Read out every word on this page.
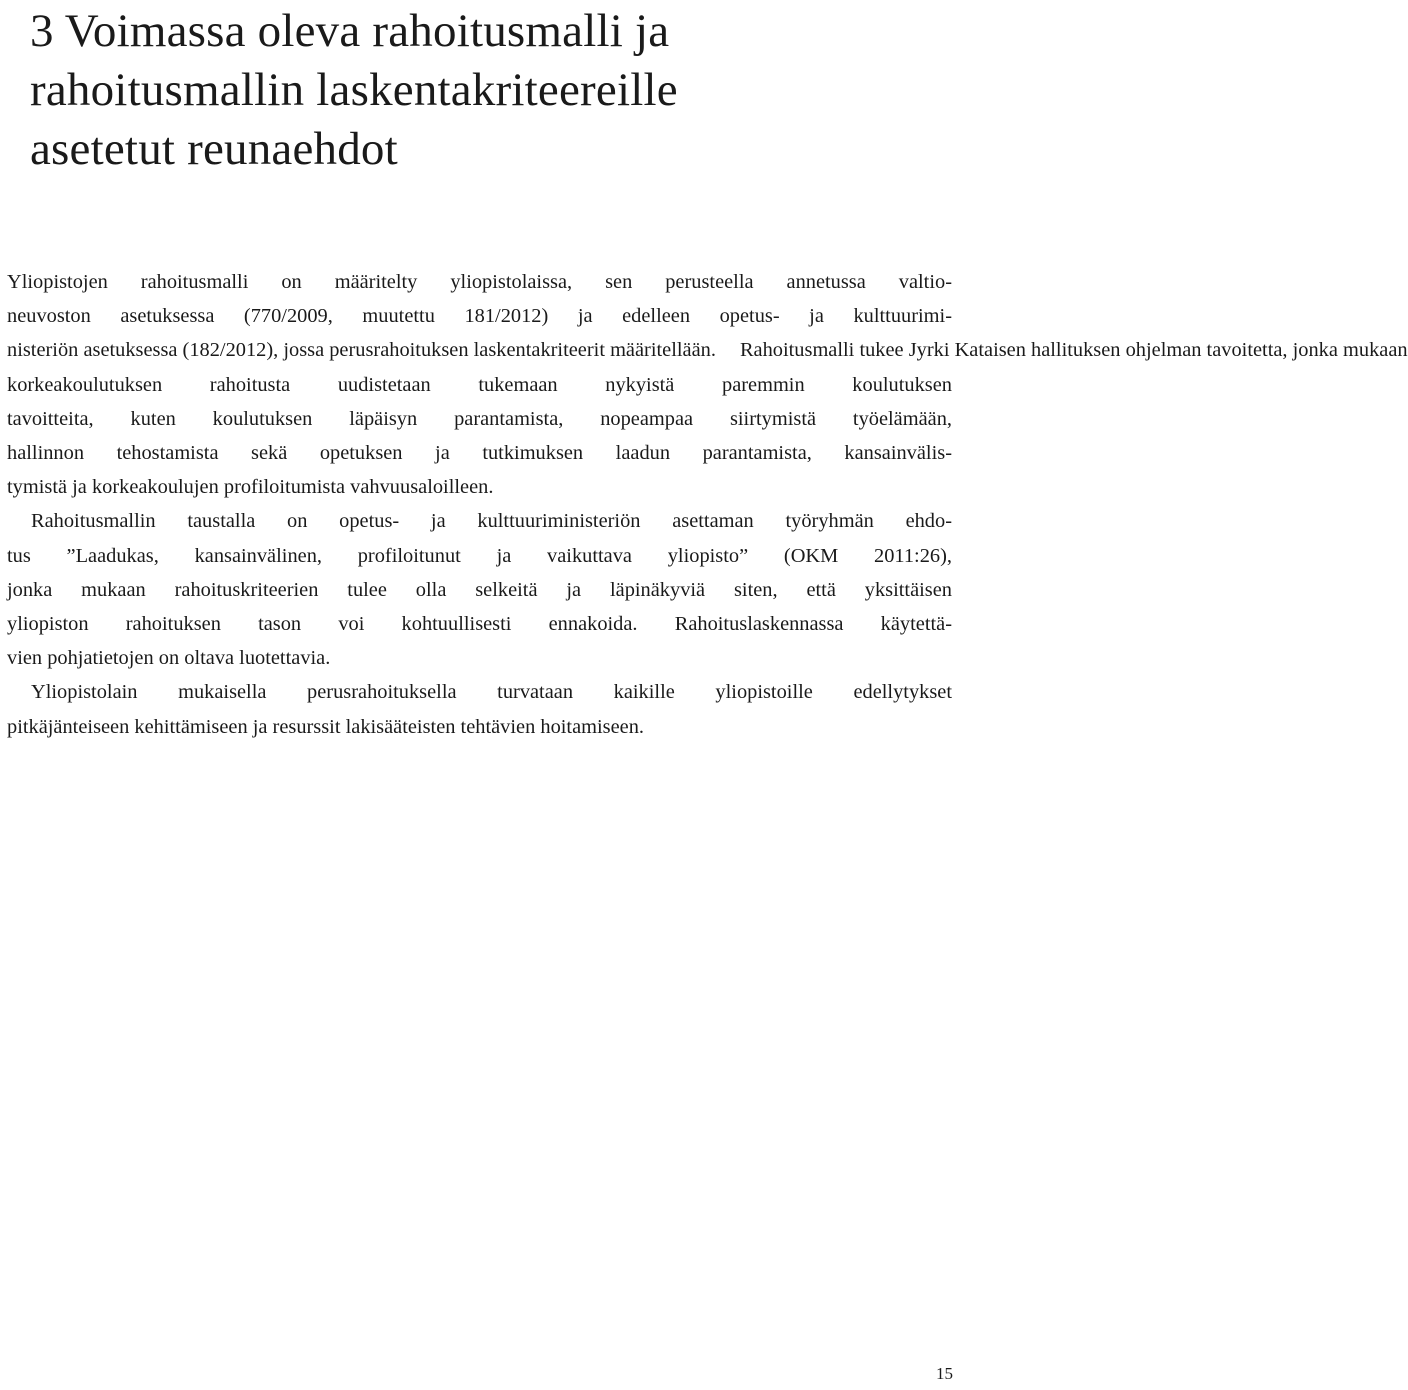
3 Voimassa oleva rahoitusmalli ja
rahoitusmallin laskentakriteereille
asetetut reunaehdot
Yliopistojen rahoitusmalli on määritelty yliopistolaissa, sen perusteella annetussa valtio-
neuvoston asetuksessa (770/2009, muutettu 181/2012) ja edelleen opetus- ja kulttuurimi-
nisteriön asetuksessa (182/2012), jossa perusrahoituksen laskentakriteerit määritellään. Rahoitusmalli tukee Jyrki Kataisen hallituksen ohjelman tavoitetta, jonka mukaan
korkeakoulutuksen rahoitusta uudistetaan tukemaan nykyistä paremmin koulutuksen
tavoitteita, kuten koulutuksen läpäisyn parantamista, nopeampaa siirtymistä työelämään,
hallinnon tehostamista sekä opetuksen ja tutkimuksen laadun parantamista, kansainvälis-
tymistä ja korkeakoulujen profiloitumista vahvuusaloilleen.
Rahoitusmallin taustalla on opetus- ja kulttuuriministeriön asettaman työryhmän ehdo-
tus ”Laadukas, kansainvälinen, profiloitunut ja vaikuttava yliopisto” (OKM 2011:26),
jonka mukaan rahoituskriteerien tulee olla selkeitä ja läpinäkyviä siten, että yksittäisen
yliopiston rahoituksen tason voi kohtuullisesti ennakoida. Rahoituslaskennassa käytettä-
vien pohjatietojen on oltava luotettavia.
Yliopistolain mukaisella perusrahoituksella turvataan kaikille yliopistoille edellytykset
pitkäjänteiseen kehittämiseen ja resurssit lakisääteisten tehtävien hoitamiseen.
15
